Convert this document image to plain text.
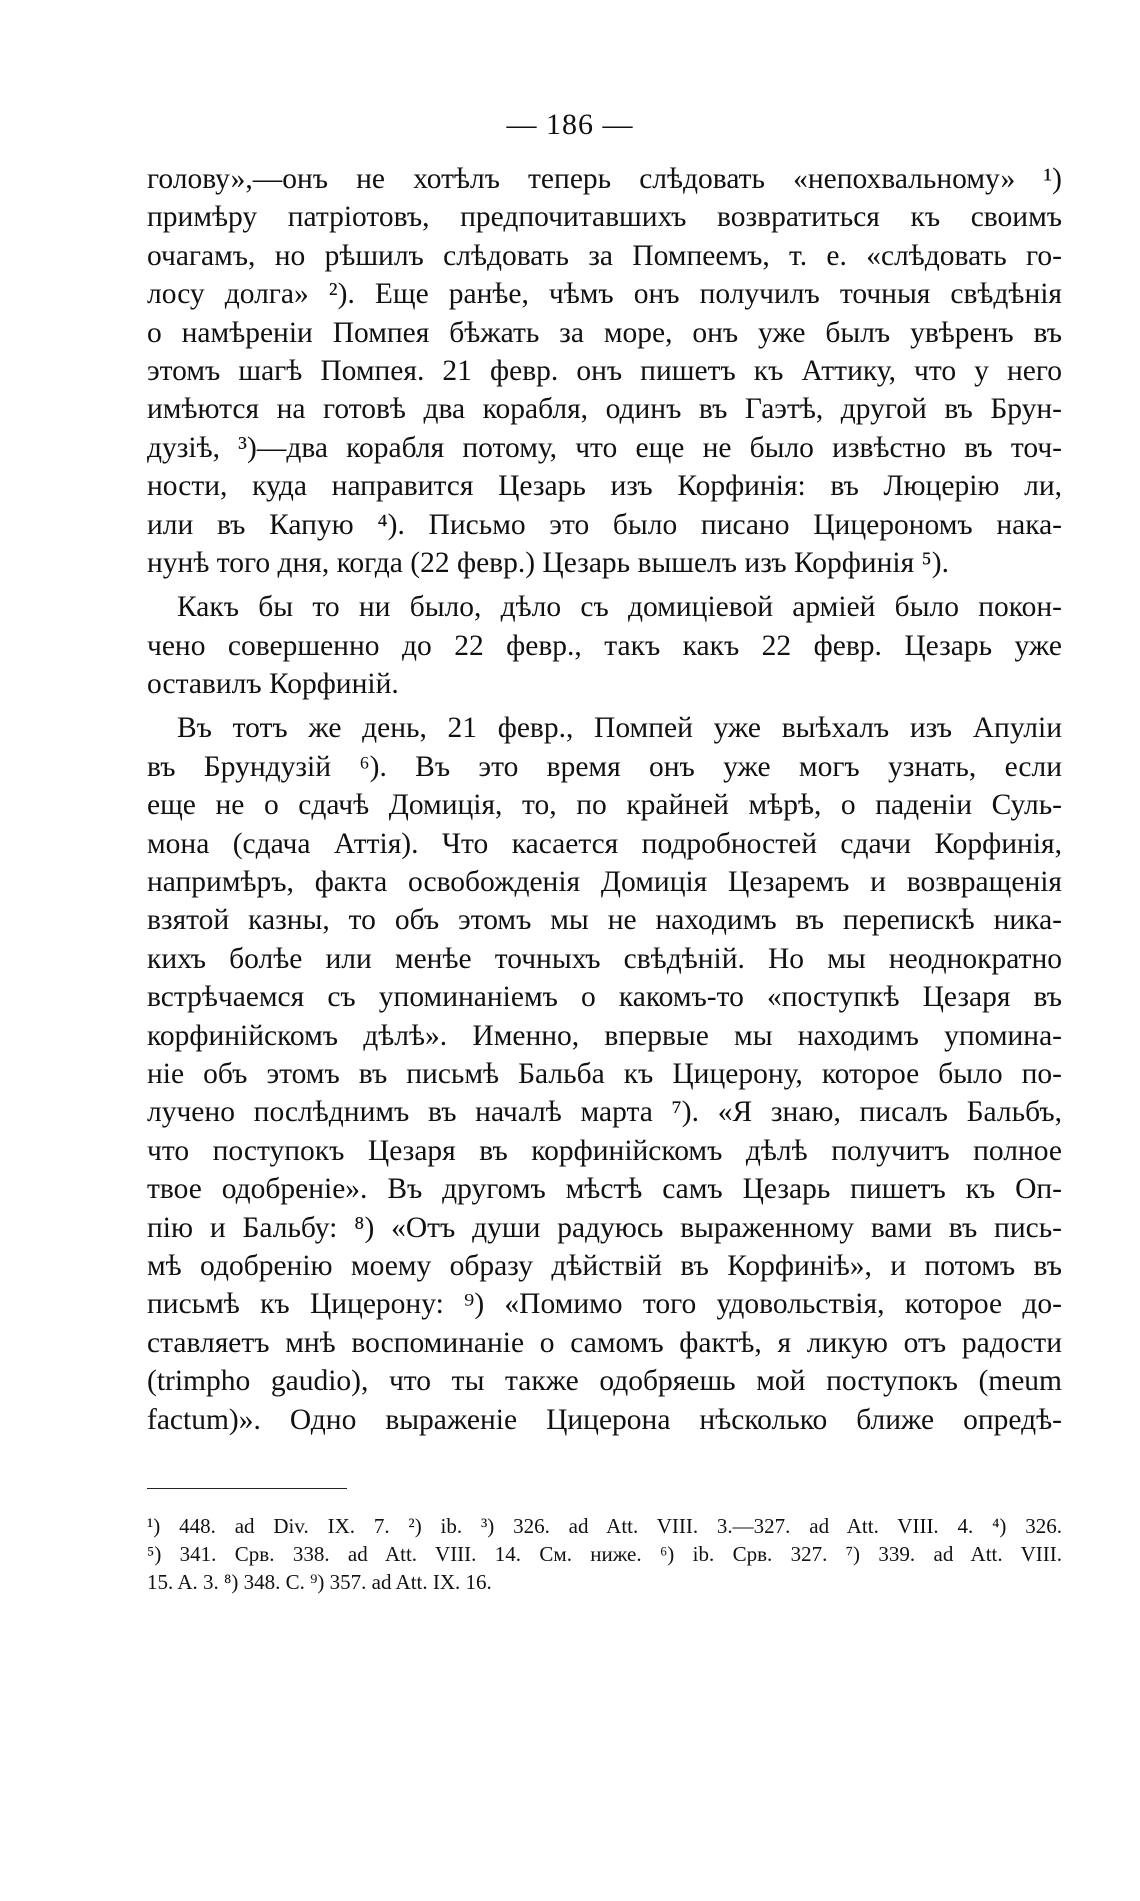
— 186 —
голову»,—онъ не хотѣлъ теперь слѣдовать «непохвальному» ¹)
примѣру патріотовъ, предпочитавшихъ возвратиться къ своимъ
очагамъ, но рѣшилъ слѣдовать за Помпеемъ, т. е. «слѣдовать го-
лосу долга» ²). Еще ранѣе, чѣмъ онъ получилъ точныя свѣдѣнія
о намѣреніи Помпея бѣжать за море, онъ уже былъ увѣренъ въ
этомъ шагѣ Помпея. 21 февр. онъ пишетъ къ Аттику, что у него
имѣются на готовѣ два корабля, одинъ въ Гаэтѣ, другой въ Брун-
дузіѣ, ³)—два корабля потому, что еще не было извѣстно въ точ-
ности, куда направится Цезарь изъ Корфинія: въ Люцерію ли,
или въ Капую ⁴). Письмо это было писано Цицерономъ нака-
нунѣ того дня, когда (22 февр.) Цезарь вышелъ изъ Корфинія ⁵).
Какъ бы то ни было, дѣло съ домиціевой арміей было покон-
чено совершенно до 22 февр., такъ какъ 22 февр. Цезарь уже
оставилъ Корфиній.
Въ тотъ же день, 21 февр., Помпей уже выѣхалъ изъ Апуліи
въ Брундузій ⁶). Въ это время онъ уже могъ узнать, если
еще не о сдачѣ Домиція, то, по крайней мѣрѣ, о паденіи Суль-
мона (сдача Аттія). Что касается подробностей сдачи Корфинія,
напримѣръ, факта освобожденія Домиція Цезаремъ и возвращенія
взятой казны, то объ этомъ мы не находимъ въ перепискѣ ника-
кихъ болѣе или менѣе точныхъ свѣдѣній. Но мы неоднократно
встрѣчаемся съ упоминаніемъ о какомъ-то «поступкѣ Цезаря въ
корфинійскомъ дѣлѣ». Именно, впервые мы находимъ упомина-
ніе объ этомъ въ письмѣ Бальба къ Цицерону, которое было по-
лучено послѣднимъ въ началѣ марта ⁷). «Я знаю, писалъ Бальбъ,
что поступокъ Цезаря въ корфинійскомъ дѣлѣ получитъ полное
твое одобреніе». Въ другомъ мѣстѣ самъ Цезарь пишетъ къ Оп-
пію и Бальбу: ⁸) «Отъ души радуюсь выраженному вами въ пись-
мѣ одобренію моему образу дѣйствій въ Корфиніѣ», и потомъ въ
письмѣ къ Цицерону: ⁹) «Помимо того удовольствія, которое до-
ставляетъ мнѣ воспоминаніе о самомъ фактѣ, я ликую отъ радости
(trimpho gaudio), что ты также одобряешь мой поступокъ (meum
factum)». Одно выраженіе Цицерона нѣсколько ближе опредѣ-
¹) 448. ad Div. IX. 7. ²) ib. ³) 326. ad Att. VIII. 3.—327. ad Att. VIII. 4. ⁴) 326.
⁵) 341. Срв. 338. ad Att. VIII. 14. См. ниже. ⁶) ib. Срв. 327. ⁷) 339. ad Att. VIII.
15. A. 3. ⁸) 348. C. ⁹) 357. ad Att. IX. 16.
